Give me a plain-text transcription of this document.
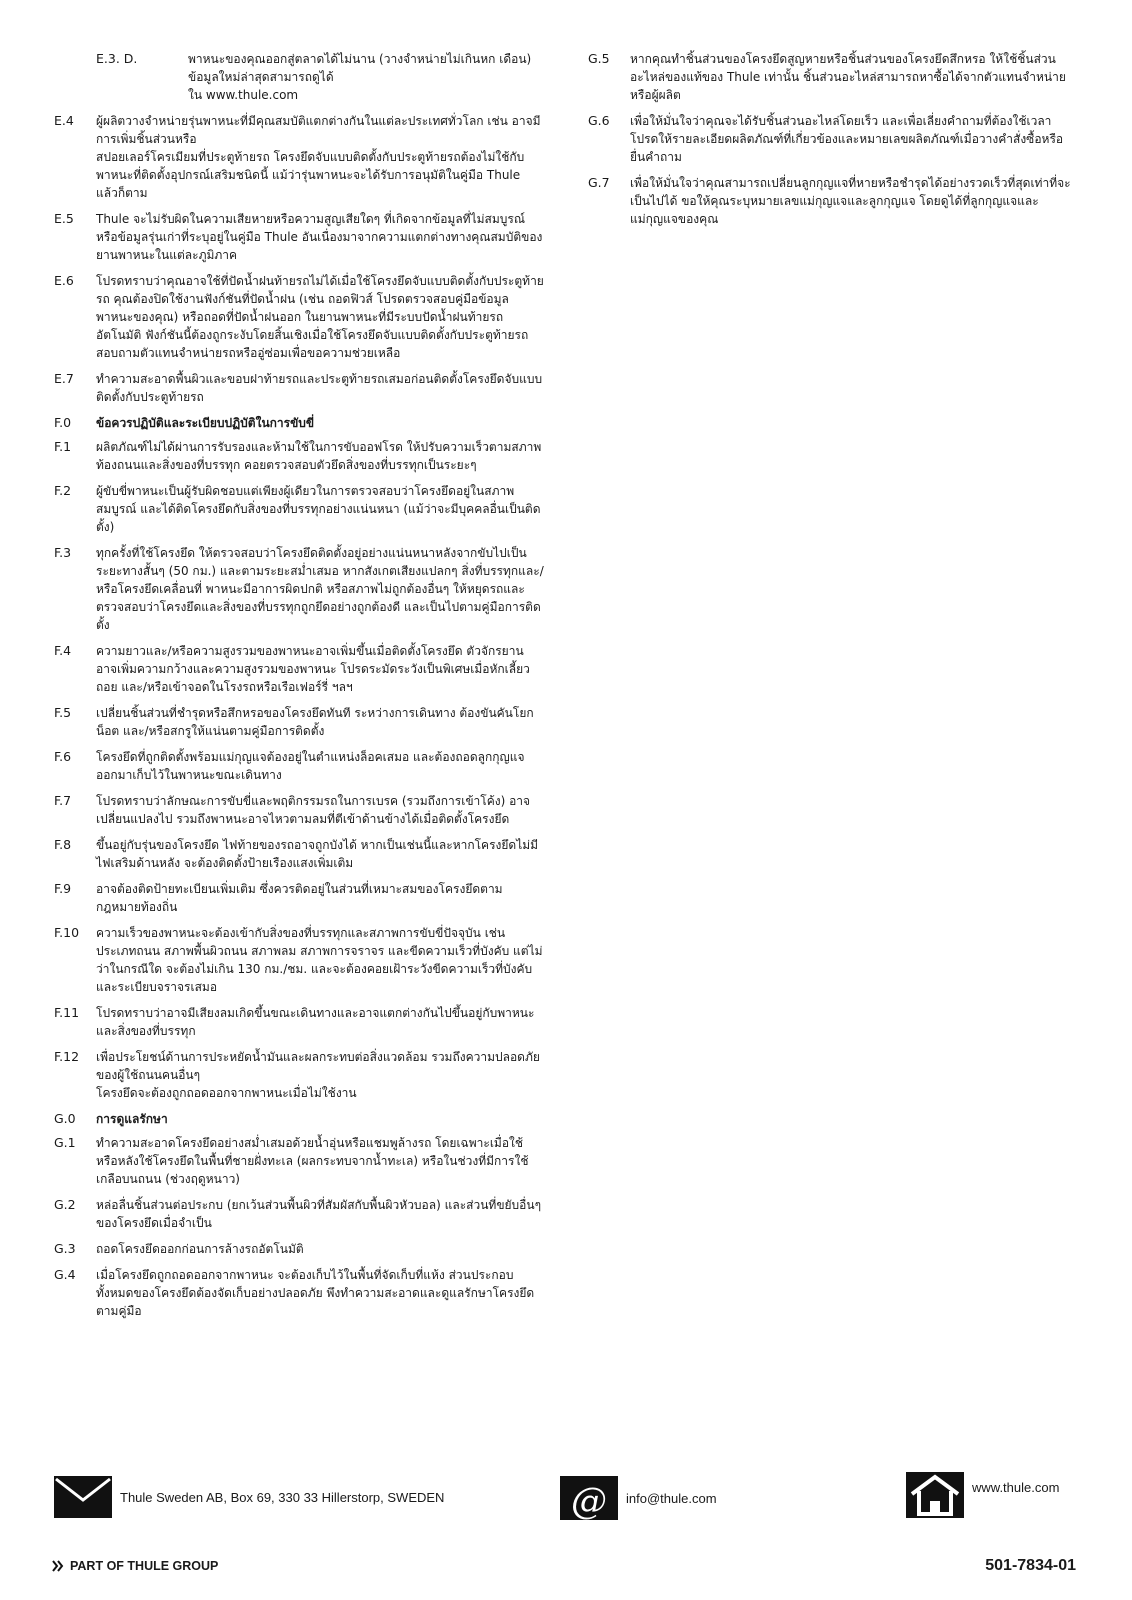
E.3. D.	พาหนะของคุณออกสู่ตลาดได้ไม่นาน (วางจำหน่ายไม่เกินหก เดือน) ข้อมูลใหม่ล่าสุดสามารถดูได้
ใน www.thule.com
E.4	ผู้ผลิตวางจำหน่ายรุ่นพาหนะที่มีคุณสมบัติแตกต่างกันในแต่ละประเทศทั่วโลก เช่น อาจมีการเพิ่มชิ้นส่วนหรือ
สปอยเลอร์โครเมียมที่ประตูท้ายรถ โครงยึดจับแบบติดตั้งกับประตูท้ายรถต้องไม่ใช้กับพาหนะที่ติดตั้งอุปกรณ์เสริมชนิดนี้ แม้ว่ารุ่นพาหนะจะได้รับการอนุมัติในคู่มือ Thule แล้วก็ตาม
E.5	Thule จะไม่รับผิดในความเสียหายหรือความสูญเสียใดๆ ที่เกิดจากข้อมูลที่ไม่สมบูรณ์หรือข้อมูลรุ่นเก่าที่ระบุอยู่ในคู่มือ Thule อันเนื่องมาจากความแตกต่างทางคุณสมบัติของยานพาหนะในแต่ละภูมิภาค
E.6	โปรดทราบว่าคุณอาจใช้ที่ปัดน้ำฝนท้ายรถไม่ได้เมื่อใช้โครงยึดจับแบบติดตั้งกับประตูท้ายรถ คุณต้องปิดใช้งานฟังก์ชันที่ปัดน้ำฝน (เช่น ถอดฟิวส์ โปรดตรวจสอบคู่มือข้อมูลพาหนะของคุณ) หรือถอดที่ปัดน้ำฝนออก ในยานพาหนะที่มีระบบปัดน้ำฝนท้ายรถอัตโนมัติ ฟังก์ชันนี้ต้องถูกระงับโดยสิ้นเชิงเมื่อใช้โครงยึดจับแบบติดตั้งกับประตูท้ายรถ สอบถามตัวแทนจำหน่ายรถหรืออู่ซ่อมเพื่อขอความช่วยเหลือ
E.7	ทำความสะอาดพื้นผิวและขอบฝาท้ายรถและประตูท้ายรถเสมอก่อนติดตั้งโครงยึดจับแบบติดตั้งกับประตูท้ายรถ
F.0	ข้อควรปฏิบัติและระเบียบปฏิบัติในการขับขี่
F.1	ผลิตภัณฑ์ไม่ได้ผ่านการรับรองและห้ามใช้ในการขับออฟโรด ให้ปรับความเร็วตามสภาพท้องถนนและสิ่งของที่บรรทุก คอยตรวจสอบตัวยึดสิ่งของที่บรรทุกเป็นระยะๆ
F.2	ผู้ขับขี่พาหนะเป็นผู้รับผิดชอบแต่เพียงผู้เดียวในการตรวจสอบว่าโครงยึดอยู่ในสภาพสมบูรณ์ และได้ติดโครงยึดกับสิ่งของที่บรรทุกอย่างแน่นหนา (แม้ว่าจะมีบุคคลอื่นเป็นติดตั้ง)
F.3	ทุกครั้งที่ใช้โครงยึด ให้ตรวจสอบว่าโครงยึดติดตั้งอยู่อย่างแน่นหนาหลังจากขับไปเป็นระยะทางสั้นๆ (50 กม.) และตามระยะสม่ำเสมอ หากสังเกตเสียงแปลกๆ สิ่งที่บรรทุกและ/หรือโครงยึดเคลื่อนที่ พาหนะมีอาการผิดปกติ หรือสภาพไม่ถูกต้องอื่นๆ ให้หยุดรถและตรวจสอบว่าโครงยึดและสิ่งของที่บรรทุกถูกยึดอย่างถูกต้องดี และเป็นไปตามคู่มือการติดตั้ง
F.4	ความยาวและ/หรือความสูงรวมของพาหนะอาจเพิ่มขึ้นเมื่อติดตั้งโครงยึด ตัวจักรยานอาจเพิ่มความกว้างและความสูงรวมของพาหนะ โปรดระมัดระวังเป็นพิเศษเมื่อหักเลี้ยว ถอย และ/หรือเข้าจอดในโรงรถหรือเรือเฟอร์รี่ ฯลฯ
F.5	เปลี่ยนชิ้นส่วนที่ชำรุดหรือสึกหรอของโครงยึดทันที ระหว่างการเดินทาง ต้องขันคันโยก น็อต และ/หรือสกรูให้แน่นตามคู่มือการติดตั้ง
F.6	โครงยึดที่ถูกติดตั้งพร้อมแม่กุญแจต้องอยู่ในตำแหน่งล็อคเสมอ และต้องถอดลูกกุญแจออกมาเก็บไว้ในพาหนะขณะเดินทาง
F.7	โปรดทราบว่าลักษณะการขับขี่และพฤติกรรมรถในการเบรค (รวมถึงการเข้าโค้ง) อาจเปลี่ยนแปลงไป รวมถึงพาหนะอาจไหวตามลมที่ตีเข้าด้านข้างได้เมื่อติดตั้งโครงยึด
F.8	ขึ้นอยู่กับรุ่นของโครงยึด ไฟท้ายของรถอาจถูกบังได้ หากเป็นเช่นนี้และหากโครงยึดไม่มีไฟเสริมด้านหลัง จะต้องติดตั้งป้ายเรืองแสงเพิ่มเติม
F.9	อาจต้องติดป้ายทะเบียนเพิ่มเติม ซึ่งควรติดอยู่ในส่วนที่เหมาะสมของโครงยึดตามกฎหมายท้องถิ่น
F.10	ความเร็วของพาหนะจะต้องเข้ากับสิ่งของที่บรรทุกและสภาพการขับขี่ปัจจุบัน เช่น ประเภทถนน สภาพพื้นผิวถนน สภาพลม สภาพการจราจร และขีดความเร็วที่บังคับ แต่ไม่ว่าในกรณีใด จะต้องไม่เกิน 130 กม./ชม. และจะต้องคอยเฝ้าระวังขีดความเร็วที่บังคับและระเบียบจราจรเสมอ
F.11	โปรดทราบว่าอาจมีเสียงลมเกิดขึ้นขณะเดินทางและอาจแตกต่างกันไปขึ้นอยู่กับพาหนะและสิ่งของที่บรรทุก
F.12	เพื่อประโยชน์ด้านการประหยัดน้ำมันและผลกระทบต่อสิ่งแวดล้อม รวมถึงความปลอดภัยของผู้ใช้ถนนคนอื่นๆ
โครงยึดจะต้องถูกถอดออกจากพาหนะเมื่อไม่ใช้งาน
G.0	การดูแลรักษา
G.1	ทำความสะอาดโครงยึดอย่างสม่ำเสมอด้วยน้ำอุ่นหรือแชมพูล้างรถ โดยเฉพาะเมื่อใช้หรือหลังใช้โครงยึดในพื้นที่ชายฝั่งทะเล (ผลกระทบจากน้ำทะเล) หรือในช่วงที่มีการใช้เกลือบนถนน (ช่วงฤดูหนาว)
G.2	หล่อลื่นชิ้นส่วนต่อประกบ (ยกเว้นส่วนพื้นผิวที่สัมผัสกับพื้นผิวหัวบอล) และส่วนที่ขยับอื่นๆ ของโครงยึดเมื่อจำเป็น
G.3	ถอดโครงยึดออกก่อนการล้างรถอัตโนมัติ
G.4	เมื่อโครงยึดถูกถอดออกจากพาหนะ จะต้องเก็บไว้ในพื้นที่จัดเก็บที่แห้ง ส่วนประกอบทั้งหมดของโครงยึดต้องจัดเก็บอย่างปลอดภัย พึงทำความสะอาดและดูแลรักษาโครงยึดตามคู่มือ
G.5	หากคุณทำชิ้นส่วนของโครงยึดสูญหายหรือชิ้นส่วนของโครงยึดสึกหรอ ให้ใช้ชิ้นส่วนอะไหล่ของแท้ของ Thule เท่านั้น ชิ้นส่วนอะไหล่สามารถหาซื้อได้จากตัวแทนจำหน่ายหรือผู้ผลิต
G.6	เพื่อให้มั่นใจว่าคุณจะได้รับชิ้นส่วนอะไหล่โดยเร็ว และเพื่อเลี่ยงคำถามที่ต้องใช้เวลา โปรดให้รายละเอียดผลิตภัณฑ์ที่เกี่ยวข้องและหมายเลขผลิตภัณฑ์เมื่อวางคำสั่งซื้อหรือยื่นคำถาม
G.7	เพื่อให้มั่นใจว่าคุณสามารถเปลี่ยนลูกกุญแจที่หายหรือชำรุดได้อย่างรวดเร็วที่สุดเท่าที่จะเป็นไปได้ ขอให้คุณระบุหมายเลขแม่กุญแจและลูกกุญแจ โดยดูได้ที่ลูกกุญแจและแม่กุญแจของคุณ
Thule Sweden AB, Box 69, 330 33 Hillerstorp, SWEDEN	@ info@thule.com
www.thule.com
PART OF THULE GROUP	501-7834-01
